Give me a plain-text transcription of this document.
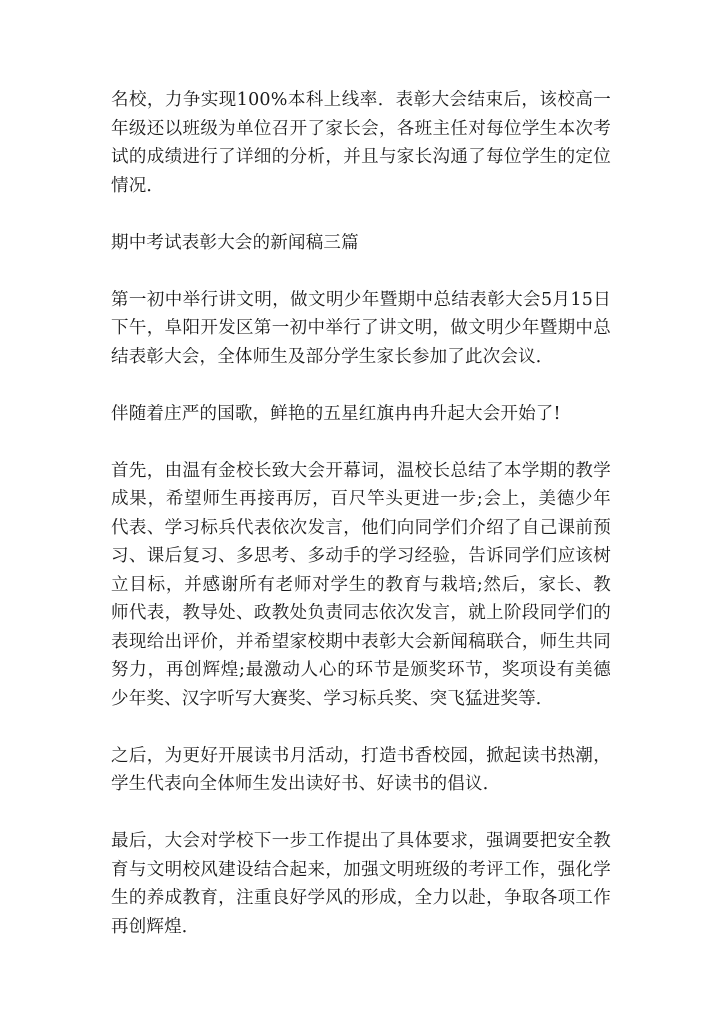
名校，力争实现100%本科上线率．表彰大会结束后，该校高一年级还以班级为单位召开了家长会，各班主任对每位学生本次考试的成绩进行了详细的分析，并且与家长沟通了每位学生的定位情况．

期中考试表彰大会的新闻稿三篇

第一初中举行讲文明，做文明少年暨期中总结表彰大会5月15日下午，阜阳开发区第一初中举行了讲文明，做文明少年暨期中总结表彰大会，全体师生及部分学生家长参加了此次会议．

伴随着庄严的国歌，鲜艳的五星红旗冉冉升起大会开始了!

首先，由温有金校长致大会开幕词，温校长总结了本学期的教学成果，希望师生再接再厉，百尺竿头更进一步;会上，美德少年代表、学习标兵代表依次发言，他们向同学们介绍了自己课前预习、课后复习、多思考、多动手的学习经验，告诉同学们应该树立目标，并感谢所有老师对学生的教育与栽培;然后，家长、教师代表，教导处、政教处负责同志依次发言，就上阶段同学们的表现给出评价，并希望家校期中表彰大会新闻稿联合，师生共同努力，再创辉煌;最激动人心的环节是颁奖环节，奖项设有美德少年奖、汉字听写大赛奖、学习标兵奖、突飞猛进奖等．

之后，为更好开展读书月活动，打造书香校园，掀起读书热潮，学生代表向全体师生发出读好书、好读书的倡议．

最后，大会对学校下一步工作提出了具体要求，强调要把安全教育与文明校风建设结合起来，加强文明班级的考评工作，强化学生的养成教育，注重良好学风的形成，全力以赴，争取各项工作再创辉煌．
